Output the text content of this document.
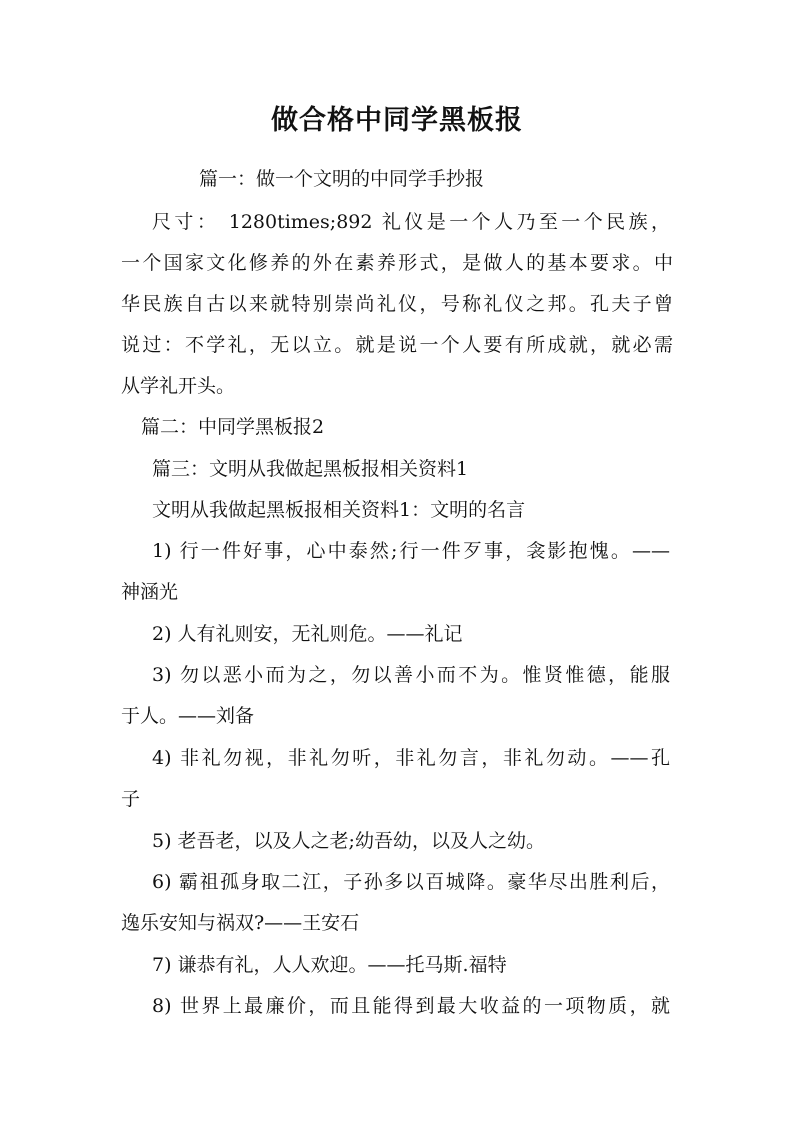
做合格中同学黑板报

篇一：做一个文明的中同学手抄报

尺寸： 1280times;892 礼仪是一个人乃至一个民族，

一个国家文化修养的外在素养形式，是做人的基本要求。中

华民族自古以来就特别崇尚礼仪，号称礼仪之邦。孔夫子曾

说过：不学礼，无以立。就是说一个人要有所成就，就必需

从学礼开头。

篇二：中同学黑板报2

篇三：文明从我做起黑板报相关资料1

文明从我做起黑板报相关资料1：文明的名言

1) 行一件好事，心中泰然;行一件歹事，衾影抱愧。——

神涵光

2) 人有礼则安，无礼则危。——礼记

3) 勿以恶小而为之，勿以善小而不为。惟贤惟德，能服

于人。——刘备

4) 非礼勿视，非礼勿听，非礼勿言，非礼勿动。——孔

子

5) 老吾老，以及人之老;幼吾幼，以及人之幼。

6) 霸祖孤身取二江，子孙多以百城降。豪华尽出胜利后，

逸乐安知与祸双?——王安石

7) 谦恭有礼，人人欢迎。——托马斯.福特

8) 世界上最廉价，而且能得到最大收益的一项物质，就
